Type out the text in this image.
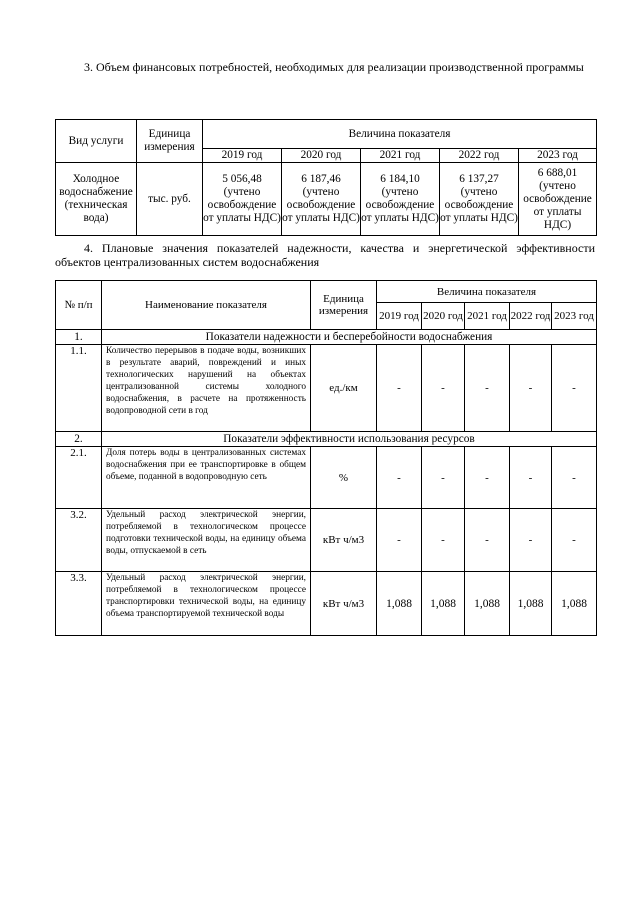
3. Объем финансовых потребностей, необходимых для реализации производственной программы

Вид услуги	Единица измерения	Величина показателя				
		2019 год	2020 год	2021 год	2022 год	2023 год
Холодное водоснабжение (техническая вода)	тыс. руб.	5 056,48 (учтено освобождение от уплаты НДС)	6 187,46 (учтено освобождение от уплаты НДС)	6 184,10 (учтено освобождение от уплаты НДС)	6 137,27 (учтено освобождение от уплаты НДС)	6 688,01 (учтено освобождение от уплаты НДС)

4. Плановые значения показателей надежности, качества и энергетической эффективности объектов централизованных систем водоснабжения

№ п/п	Наименование показателя	Единица измерения	Величина показателя				
			2019 год	2020 год	2021 год	2022 год	2023 год
1.	Показатели надежности и бесперебойности водоснабжения						
1.1.	Количество перерывов в подаче воды, возникших в результате аварий, повреждений и иных технологических нарушений на объектах централизованной системы холодного водоснабжения, в расчете на протяженность водопроводной сети в год	ед./км	-	-	-	-	-
2.	Показатели эффективности использования ресурсов						
2.1.	Доля потерь воды в централизованных системах водоснабжения при ее транспортировке в общем объеме, поданной в водопроводную сеть	%	-	-	-	-	-
3.2.	Удельный расход электрической энергии, потребляемой в технологическом процессе подготовки технической воды, на единицу объема воды, отпускаемой в сеть	кВт ч/м3	-	-	-	-	-
3.3.	Удельный расход электрической энергии, потребляемой в технологическом процессе транспортировки технической воды, на единицу объема транспортируемой технической воды	кВт ч/м3	1,088	1,088	1,088	1,088	1,088
